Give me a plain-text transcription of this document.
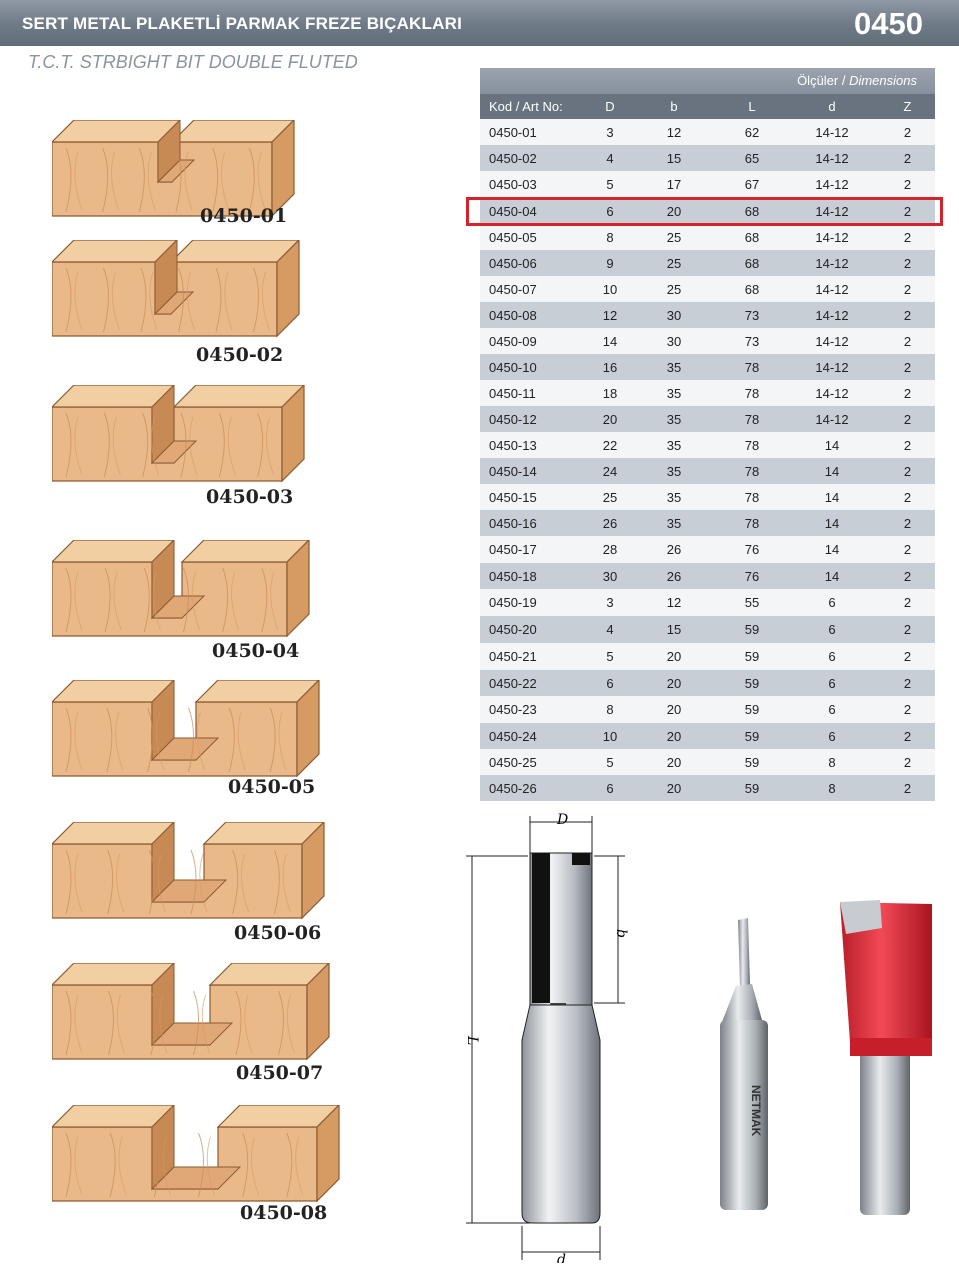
SERT METAL PLAKETLİ PARMAK FREZE BIÇAKLARI	0450
T.C.T. STRBIGHT BIT DOUBLE FLUTED
Ölçüler / Dimensions
Kod / Art No:	D	b	L	d	Z
0450-01	3	12	62	14-12	2
0450-02	4	15	65	14-12	2
0450-03	5	17	67	14-12	2
0450-04	6	20	68	14-12	2
0450-05	8	25	68	14-12	2
0450-06	9	25	68	14-12	2
0450-07	10	25	68	14-12	2
0450-08	12	30	73	14-12	2
0450-09	14	30	73	14-12	2
0450-10	16	35	78	14-12	2
0450-11	18	35	78	14-12	2
0450-12	20	35	78	14-12	2
0450-13	22	35	78	14	2
0450-14	24	35	78	14	2
0450-15	25	35	78	14	2
0450-16	26	35	78	14	2
0450-17	28	26	76	14	2
0450-18	30	26	76	14	2
0450-19	3	12	55	6	2
0450-20	4	15	59	6	2
0450-21	5	20	59	6	2
0450-22	6	20	59	6	2
0450-23	8	20	59	6	2
0450-24	10	20	59	6	2
0450-25	5	20	59	8	2
0450-26	6	20	59	8	2
0450-01
0450-02
0450-03
0450-04
0450-05
0450-06
0450-07
0450-08
D
b
L
d
NETMAK
